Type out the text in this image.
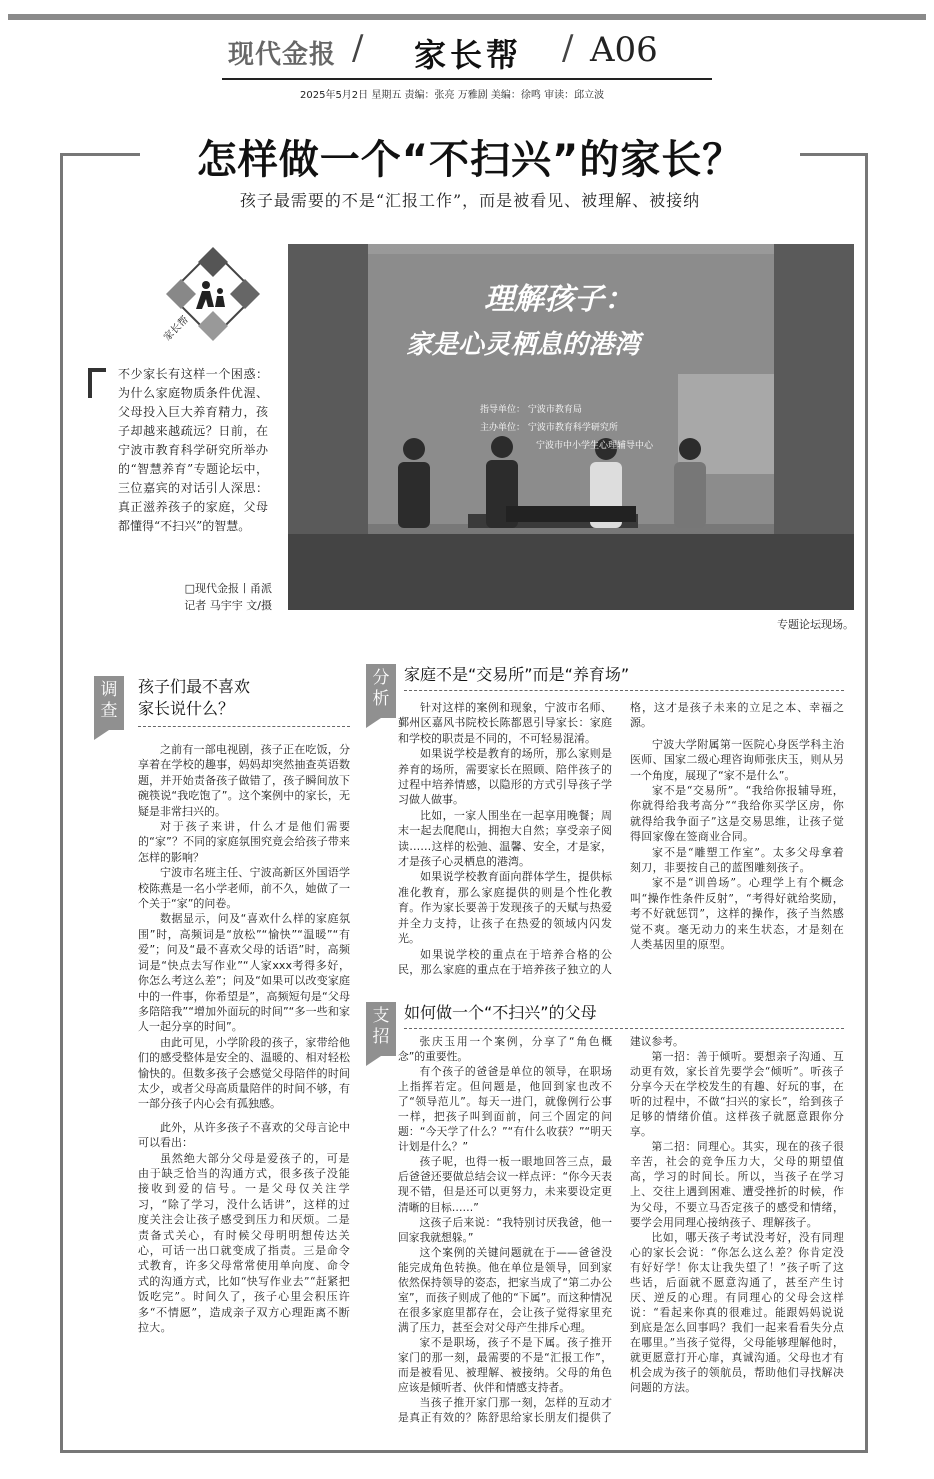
现代金报 / 家长帮 / A06
2025年5月2日 星期五 责编：张亮 万雅剧 美编：徐鸣 审读：邱立波
怎样做一个“不扫兴”的家长？
孩子最需要的不是“汇报工作”，而是被看见、被理解、被接纳
家长帮
不少家长有这样一个困惑：为什么家庭物质条件优渥、父母投入巨大养育精力，孩子却越来越疏远？日前，在宁波市教育科学研究所举办的“智慧养育”专题论坛中，三位嘉宾的对话引人深思：真正滋养孩子的家庭，父母都懂得“不扫兴”的智慧。
□现代金报丨甬派
记者 马宇宇 文/摄
理解孩子：
家是心灵栖息的港湾
指导单位： 宁波市教育局
主办单位： 宁波市教育科学研究所
宁波市中小学生心理辅导中心
专题论坛现场。
调查
孩子们最不喜欢
家长说什么？

之前有一部电视剧，孩子正在吃饭，分享着在学校的趣事，妈妈却突然抽查英语数题，并开始责备孩子做错了，孩子瞬间放下碗筷说“我吃饱了”。这个案例中的家长，无疑是非常扫兴的。

对于孩子来讲，什么才是他们需要的“家”？不同的家庭氛围究竟会给孩子带来怎样的影响？

宁波市名班主任、宁波高新区外国语学校陈燕是一名小学老师，前不久，她做了一个关于“家”的问卷。

数据显示，问及“喜欢什么样的家庭氛围”时，高频词是“放松”“愉快”“温暖”“有爱”；问及“最不喜欢父母的话语”时，高频词是“快点去写作业”“人家xxx考得多好，你怎么考这么差”；问及“如果可以改变家庭中的一件事，你希望是”，高频短句是“父母多陪陪我”“增加外面玩的时间”“多一些和家人一起分享的时间”。

由此可见，小学阶段的孩子，家带给他们的感受整体是安全的、温暖的、相对轻松愉快的。但数多孩子会感觉父母陪伴的时间太少，或者父母高质量陪伴的时间不够，有一部分孩子内心会有孤独感。

此外，从许多孩子不喜欢的父母言论中可以看出：

虽然绝大部分父母是爱孩子的，可是由于缺乏恰当的沟通方式，很多孩子没能接收到爱的信号。一是父母仅关注学习，“除了学习，没什么话讲”，这样的过度关注会让孩子感受到压力和厌烦。二是责备式关心，有时候父母明明想传达关心，可话一出口就变成了指责。三是命令式教育，许多父母常常使用单向度、命令式的沟通方式，比如“快写作业去”“赶紧把饭吃完”。时间久了，孩子心里会积压许多“不情愿”，造成亲子双方心理距离不断拉大。

分析
家庭不是“交易所”而是“养育场”

针对这样的案例和现象，宁波市名师、鄞州区嘉风书院校长陈都恩引导家长：家庭和学校的职责是不同的，不可轻易混淆。

如果说学校是教育的场所，那么家则是养育的场所，需要家长在照顾、陪伴孩子的过程中培养情感，以隐形的方式引导孩子学习做人做事。

比如，一家人围坐在一起享用晚餐；周末一起去爬爬山，拥抱大自然；享受亲子阅读……这样的松弛、温馨、安全，才是家，才是孩子心灵栖息的港湾。

如果说学校教育面向群体学生，提供标准化教育，那么家庭提供的则是个性化教育。作为家长要善于发现孩子的天赋与热爱并全力支持，让孩子在热爱的领域内闪发光。

如果说学校的重点在于培养合格的公民，那么家庭的重点在于培养孩子独立的人格，这才是孩子未来的立足之本、幸福之源。

宁波大学附属第一医院心身医学科主治医师、国家二级心理咨询师张庆玉，则从另一个角度，展现了“家不是什么”。

家不是“交易所”。“我给你报辅导班，你就得给我考高分”“我给你买学区房，你就得给我争面子”这是交易思维，让孩子觉得回家像在签商业合同。

家不是“雕塑工作室”。太多父母拿着刻刀，非要按自己的蓝图雕刻孩子。

家不是“训兽场”。心理学上有个概念叫“操作性条件反射”，“考得好就给奖励，考不好就惩罚”，这样的操作，孩子当然感觉不爽。毫无动力的来生状态，才是刻在人类基因里的原型。

支招
如何做一个“不扫兴”的父母

张庆玉用一个案例，分享了“角色概念”的重要性。

有个孩子的爸爸是单位的领导，在职场上指挥若定。但问题是，他回到家也改不了“领导范儿”。每天一进门，就像例行公事一样，把孩子叫到面前，问三个固定的问题：“今天学了什么？”“有什么收获？”“明天计划是什么？”

孩子呢，也得一板一眼地回答三点，最后爸爸还要做总结会议一样点评：“你今天表现不错，但是还可以更努力，未来要设定更清晰的目标……”

这孩子后来说：“我特别讨厌我爸，他一回家我就想躲。”

这个案例的关键问题就在于——爸爸没能完成角色转换。他在单位是领导，回到家依然保持领导的姿态，把家当成了“第二办公室”，而孩子则成了他的“下属”。而这种情况在很多家庭里都存在，会让孩子觉得家里充满了压力，甚至会对父母产生排斥心理。

家不是职场，孩子不是下属。孩子推开家门的那一刻，最需要的不是“汇报工作”，而是被看见、被理解、被接纳。父母的角色应该是倾听者、伙伴和情感支持者。

当孩子推开家门那一刻，怎样的互动才是真正有效的？陈舒思给家长朋友们提供了建议参考。

第一招：善于倾听。要想亲子沟通、互动更有效，家长首先要学会“倾听”。听孩子分享今天在学校发生的有趣、好玩的事，在听的过程中，不做“扫兴的家长”，给到孩子足够的情绪价值。这样孩子就愿意跟你分享。

第二招：同理心。其实，现在的孩子很辛苦，社会的竞争压力大，父母的期望值高，学习的时间长。所以，当孩子在学习上、交往上遇到困难、遭受挫折的时候，作为父母，不要立马否定孩子的感受和情绪，要学会用同理心接纳孩子、理解孩子。

比如，哪天孩子考试没考好，没有同理心的家长会说：“你怎么这么差？你肯定没有好好学！你太让我失望了！”孩子听了这些话，后面就不愿意沟通了，甚至产生讨厌、逆反的心理。有同理心的父母会这样说：“看起来你真的很难过。能跟妈妈说说到底是怎么回事吗？我们一起来看看失分点在哪里。”当孩子觉得，父母能够理解他时，就更愿意打开心扉，真诚沟通。父母也才有机会成为孩子的领航员，帮助他们寻找解决问题的方法。
